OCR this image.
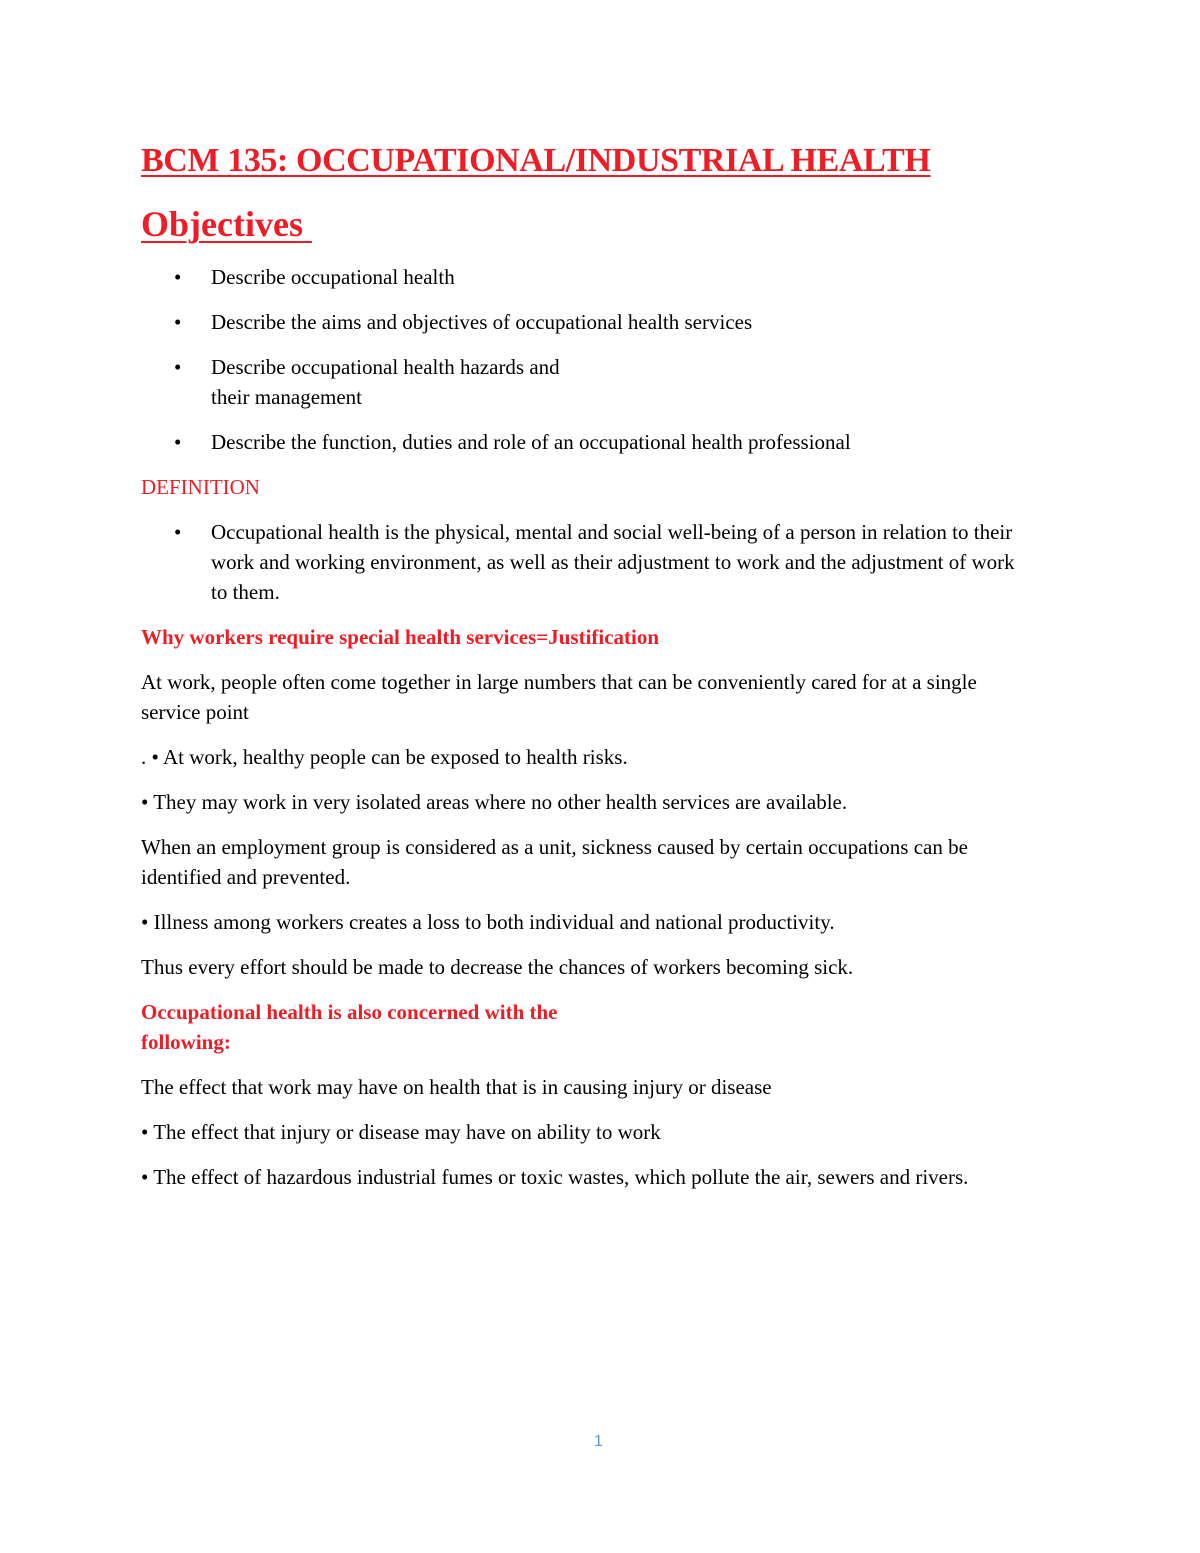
BCM 135: OCCUPATIONAL/INDUSTRIAL HEALTH
Objectives
• Describe occupational health
• Describe the aims and objectives of occupational health services
• Describe occupational health hazards and
their management
• Describe the function, duties and role of an occupational health professional
DEFINITION
• Occupational health is the physical, mental and social well-being of a person in relation to their work and working environment, as well as their adjustment to work and the adjustment of work to them.
Why workers require special health services=Justification

At work, people often come together in large numbers that can be conveniently cared for at a single service point

. • At work, healthy people can be exposed to health risks.

• They may work in very isolated areas where no other health services are available.

When an employment group is considered as a unit, sickness caused by certain occupations can be identified and prevented.

• Illness among workers creates a loss to both individual and national productivity.

Thus every effort should be made to decrease the chances of workers becoming sick.

Occupational health is also concerned with the
following:

The effect that work may have on health that is in causing injury or disease

• The effect that injury or disease may have on ability to work

• The effect of hazardous industrial fumes or toxic wastes, which pollute the air, sewers and rivers.

1
